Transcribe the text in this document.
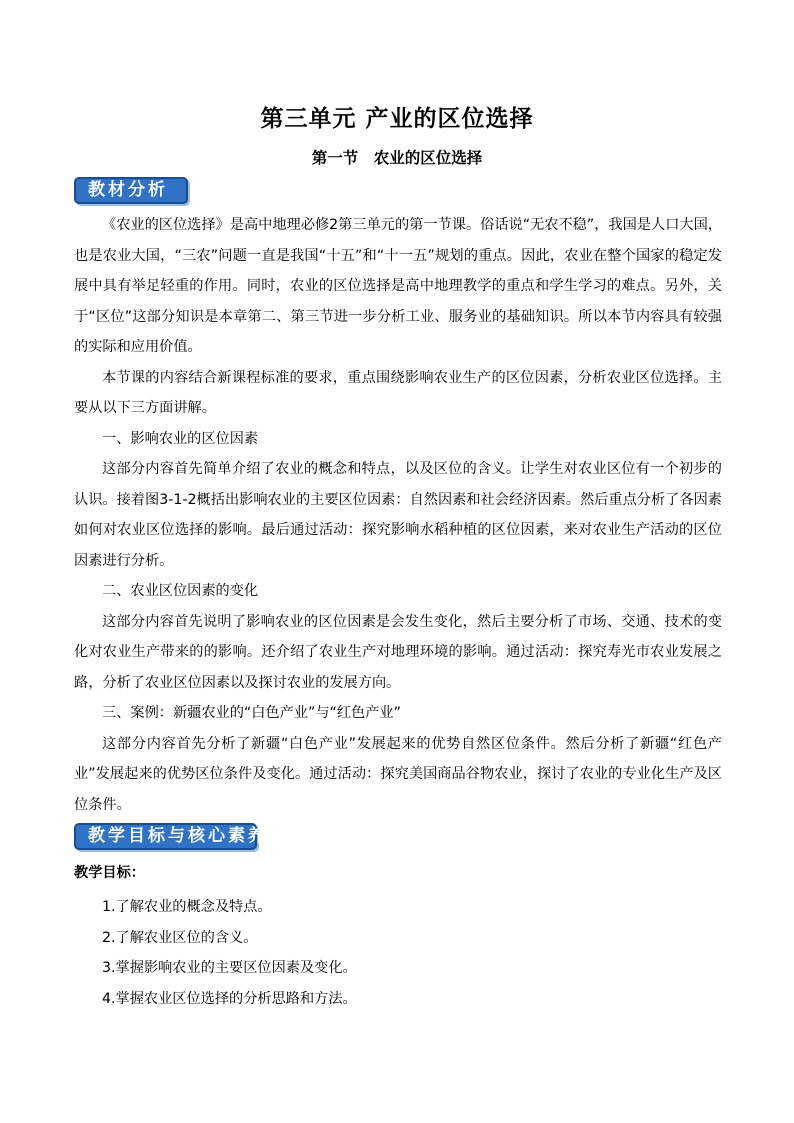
第三单元 产业的区位选择
第一节　农业的区位选择
教材分析

《农业的区位选择》是高中地理必修2第三单元的第一节课。俗话说“无农不稳”，我国是人口大国，也是农业大国，“三农”问题一直是我国“十五”和“十一五”规划的重点。因此，农业在整个国家的稳定发展中具有举足轻重的作用。同时，农业的区位选择是高中地理教学的重点和学生学习的难点。另外，关于“区位”这部分知识是本章第二、第三节进一步分析工业、服务业的基础知识。所以本节内容具有较强的实际和应用价值。

本节课的内容结合新课程标准的要求，重点围绕影响农业生产的区位因素，分析农业区位选择。主要从以下三方面讲解。

一、影响农业的区位因素

这部分内容首先简单介绍了农业的概念和特点，以及区位的含义。让学生对农业区位有一个初步的认识。接着图3-1-2概括出影响农业的主要区位因素：自然因素和社会经济因素。然后重点分析了各因素如何对农业区位选择的影响。最后通过活动：探究影响水稻种植的区位因素，来对农业生产活动的区位因素进行分析。

二、农业区位因素的变化

这部分内容首先说明了影响农业的区位因素是会发生变化，然后主要分析了市场、交通、技术的变化对农业生产带来的的影响。还介绍了农业生产对地理环境的影响。通过活动：探究寿光市农业发展之路，分析了农业区位因素以及探讨农业的发展方向。

三、案例：新疆农业的“白色产业”与“红色产业”

这部分内容首先分析了新疆“白色产业”发展起来的优势自然区位条件。然后分析了新疆“红色产业”发展起来的优势区位条件及变化。通过活动：探究美国商品谷物农业，探讨了农业的专业化生产及区位条件。

教学目标与核心素养
教学目标：
1.了解农业的概念及特点。
2.了解农业区位的含义。
3.掌握影响农业的主要区位因素及变化。
4.掌握农业区位选择的分析思路和方法。
